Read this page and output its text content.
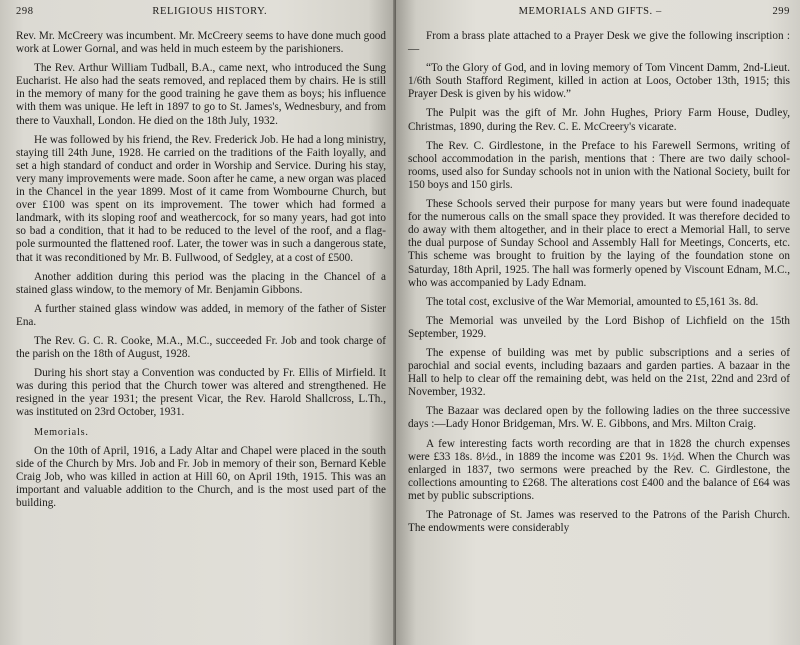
298	RELIGIOUS HISTORY.

Rev. Mr. McCreery was incumbent. Mr. McCreery seems to have done much good work at Lower Gornal, and was held in much esteem by the parishioners.

The Rev. Arthur William Tudball, B.A., came next, who introduced the Sung Eucharist. He also had the seats removed, and replaced them by chairs. He is still in the memory of many for the good training he gave them as boys; his influence with them was unique. He left in 1897 to go to St. James's, Wednesbury, and from there to Vauxhall, London. He died on the 18th July, 1932.

He was followed by his friend, the Rev. Frederick Job. He had a long ministry, staying till 24th June, 1928. He carried on the traditions of the Faith loyally, and set a high standard of conduct and order in Worship and Service. During his stay, very many improvements were made. Soon after he came, a new organ was placed in the Chancel in the year 1899. Most of it came from Wombourne Church, but over £100 was spent on its improvement. The tower which had formed a landmark, with its sloping roof and weathercock, for so many years, had got into so bad a condition, that it had to be reduced to the level of the roof, and a flag-pole surmounted the flattened roof. Later, the tower was in such a dangerous state, that it was reconditioned by Mr. B. Fullwood, of Sedgley, at a cost of £500.

Another addition during this period was the placing in the Chancel of a stained glass window, to the memory of Mr. Benjamin Gibbons.

A further stained glass window was added, in memory of the father of Sister Ena.

The Rev. G. C. R. Cooke, M.A., M.C., succeeded Fr. Job and took charge of the parish on the 18th of August, 1928.

During his short stay a Convention was conducted by Fr. Ellis of Mirfield. It was during this period that the Church tower was altered and strengthened. He resigned in the year 1931; the present Vicar, the Rev. Harold Shallcross, L.Th., was instituted on 23rd October, 1931.

Memorials.

On the 10th of April, 1916, a Lady Altar and Chapel were placed in the south side of the Church by Mrs. Job and Fr. Job in memory of their son, Bernard Keble Craig Job, who was killed in action at Hill 60, on April 19th, 1915. This was an important and valuable addition to the Church, and is the most used part of the building.

MEMORIALS AND GIFTS. –	299

From a brass plate attached to a Prayer Desk we give the following inscription :—

“To the Glory of God, and in loving memory of Tom Vincent Damm, 2nd-Lieut. 1/6th South Stafford Regiment, killed in action at Loos, October 13th, 1915; this Prayer Desk is given by his widow.”

The Pulpit was the gift of Mr. John Hughes, Priory Farm House, Dudley, Christmas, 1890, during the Rev. C. E. McCreery's vicarate.

The Rev. C. Girdlestone, in the Preface to his Farewell Sermons, writing of school accommodation in the parish, mentions that : There are two daily school-rooms, used also for Sunday schools not in union with the National Society, built for 150 boys and 150 girls.

These Schools served their purpose for many years but were found inadequate for the numerous calls on the small space they provided. It was therefore decided to do away with them altogether, and in their place to erect a Memorial Hall, to serve the dual purpose of Sunday School and Assembly Hall for Meetings, Concerts, etc. This scheme was brought to fruition by the laying of the foundation stone on Saturday, 18th April, 1925. The hall was formerly opened by Viscount Ednam, M.C., who was accompanied by Lady Ednam.

The total cost, exclusive of the War Memorial, amounted to £5,161 3s. 8d.

The Memorial was unveiled by the Lord Bishop of Lichfield on the 15th September, 1929.

The expense of building was met by public subscriptions and a series of parochial and social events, including bazaars and garden parties. A bazaar in the Hall to help to clear off the remaining debt, was held on the 21st, 22nd and 23rd of November, 1932.

The Bazaar was declared open by the following ladies on the three successive days :—Lady Honor Bridgeman, Mrs. W. E. Gibbons, and Mrs. Milton Craig.

A few interesting facts worth recording are that in 1828 the church expenses were £33 18s. 8½d., in 1889 the income was £201 9s. 1½d. When the Church was enlarged in 1837, two sermons were preached by the Rev. C. Girdlestone, the collections amounting to £268. The alterations cost £400 and the balance of £64 was met by public subscriptions.

The Patronage of St. James was reserved to the Patrons of the Parish Church. The endowments were considerably
